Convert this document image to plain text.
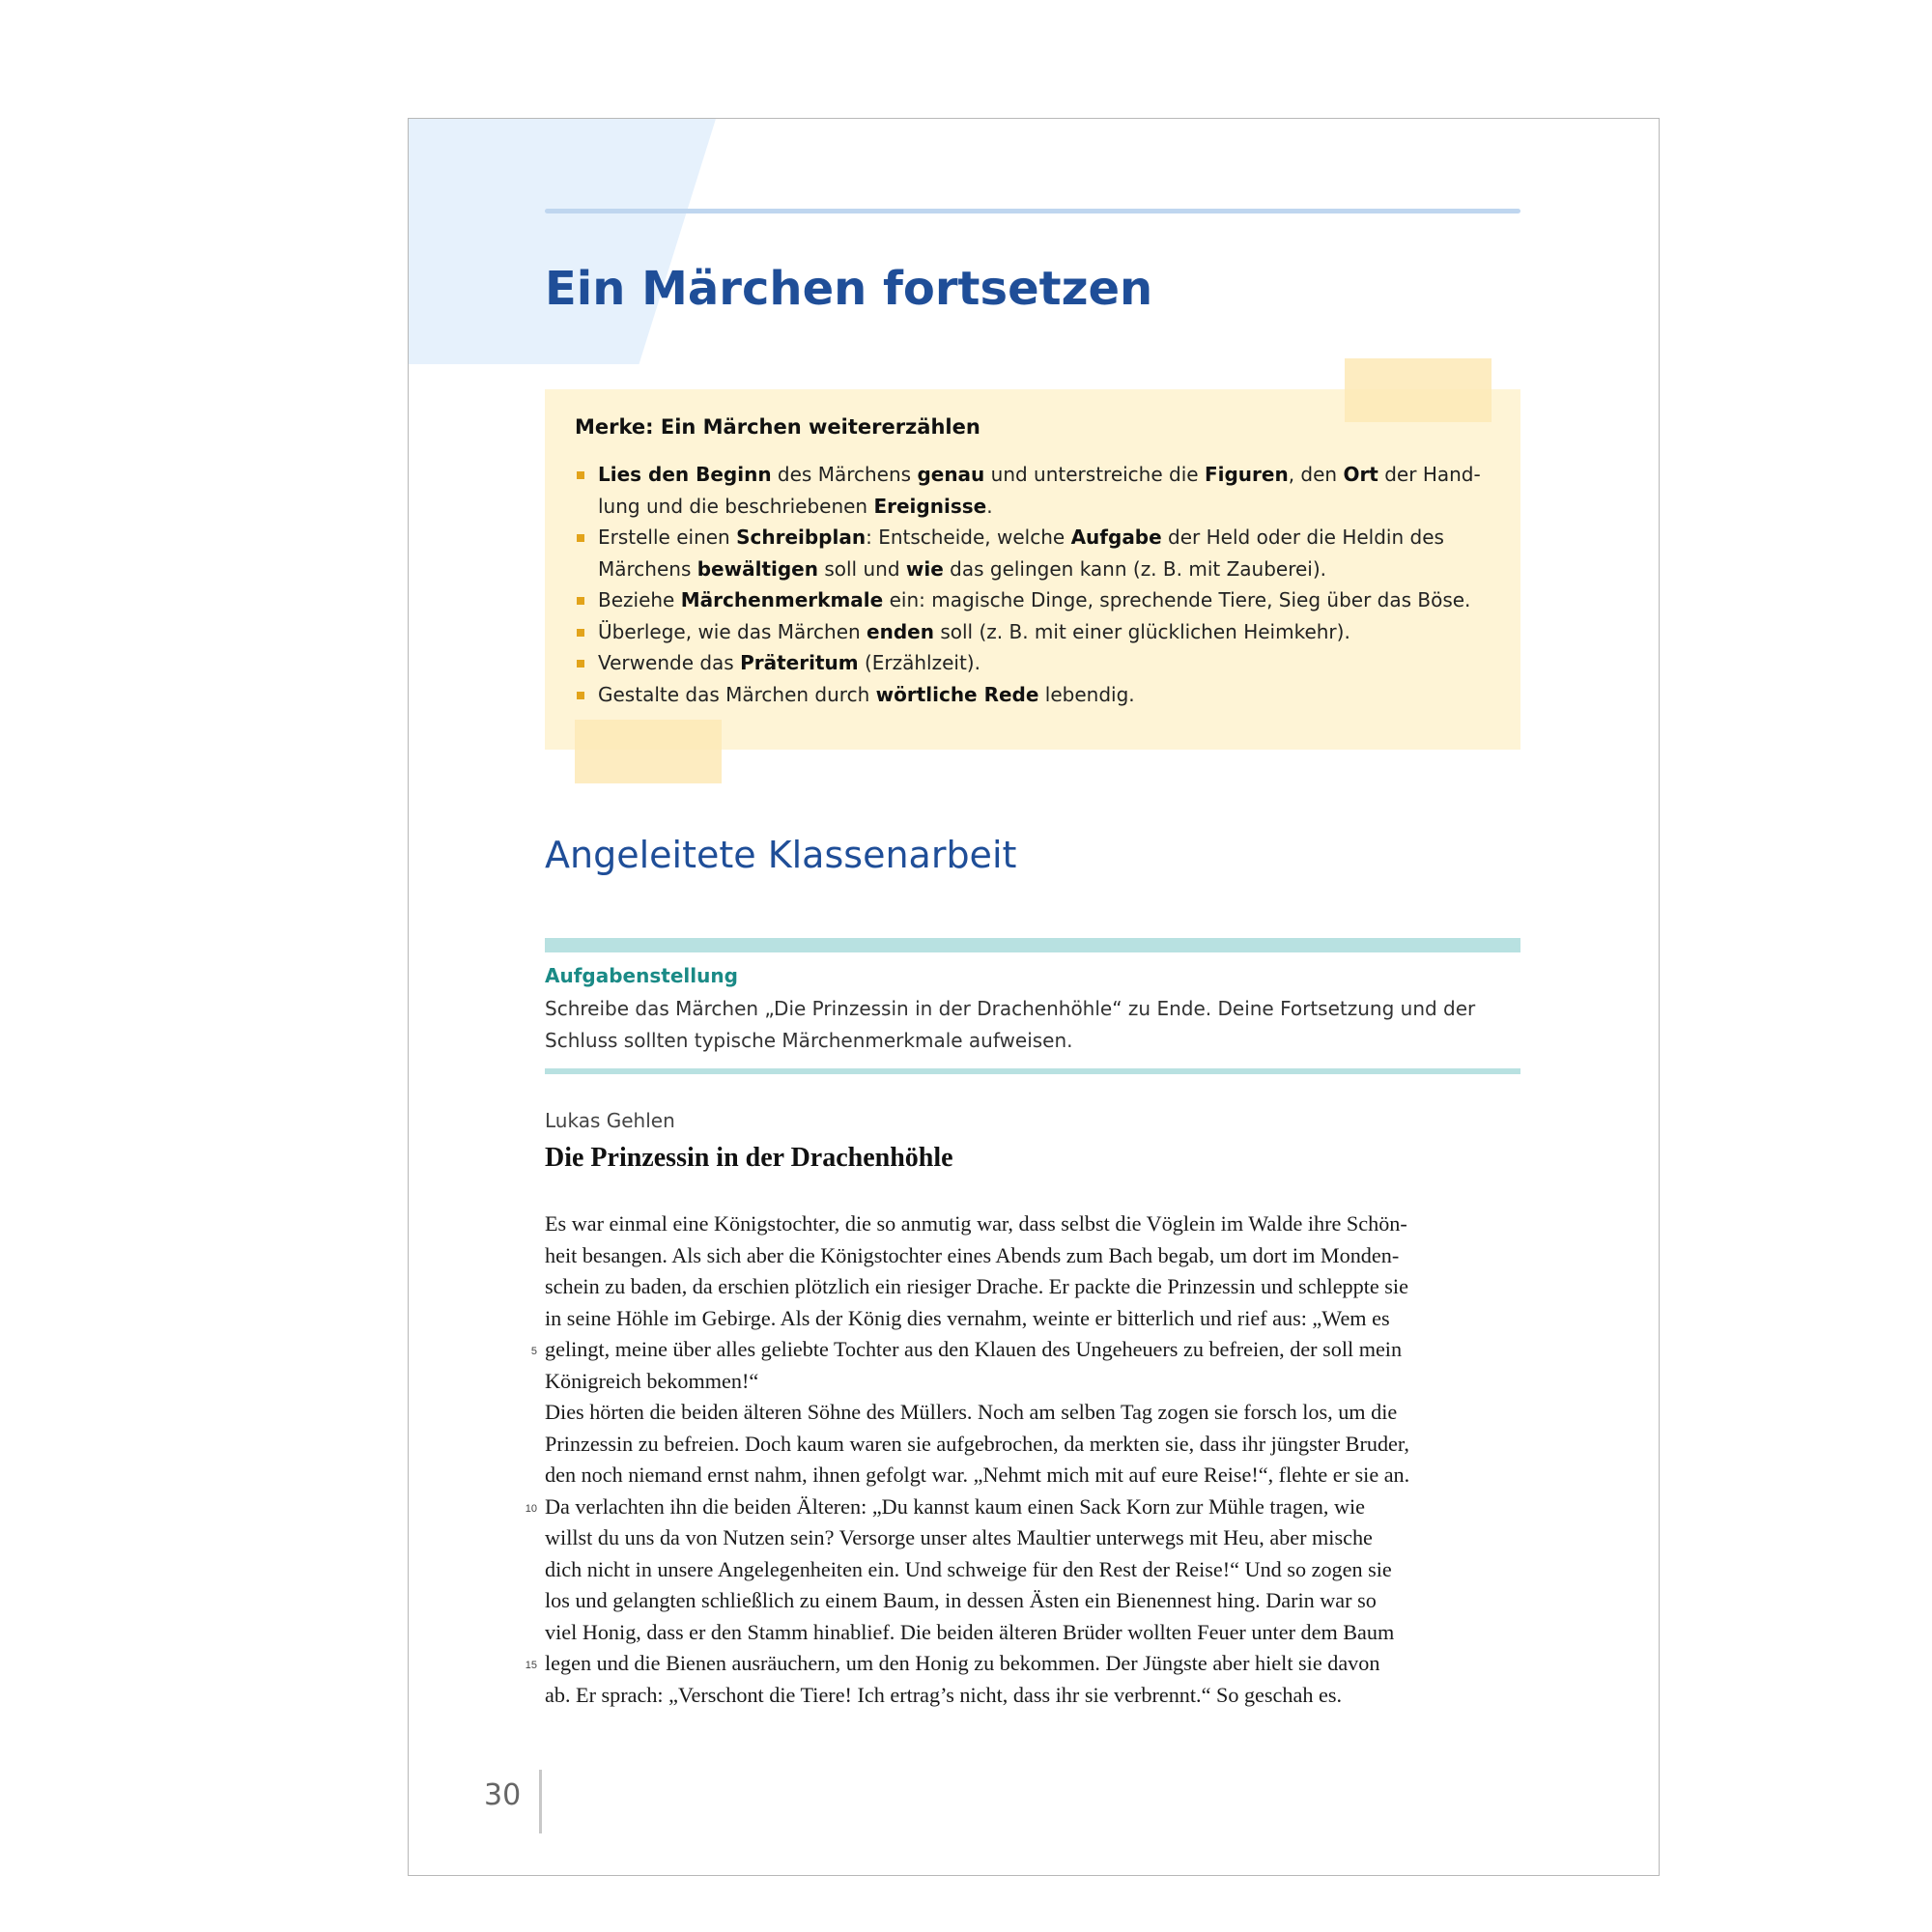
Ein Märchen fortsetzen
Merke: Ein Märchen weitererzählen
Lies den Beginn des Märchens genau und unterstreiche die Figuren, den Ort der Hand-
lung und die beschriebenen Ereignisse.
Erstelle einen Schreibplan: Entscheide, welche Aufgabe der Held oder die Heldin des
Märchens bewältigen soll und wie das gelingen kann (z. B. mit Zauberei).
Beziehe Märchenmerkmale ein: magische Dinge, sprechende Tiere, Sieg über das Böse.
Überlege, wie das Märchen enden soll (z. B. mit einer glücklichen Heimkehr).
Verwende das Präteritum (Erzählzeit).
Gestalte das Märchen durch wörtliche Rede lebendig.
Angeleitete Klassenarbeit
Aufgabenstellung
Schreibe das Märchen „Die Prinzessin in der Drachenhöhle“ zu Ende. Deine Fortsetzung und der Schluss sollten typische Märchenmerkmale aufweisen.
Lukas Gehlen
Die Prinzessin in der Drachenhöhle
Es war einmal eine Königstochter, die so anmutig war, dass selbst die Vöglein im Walde ihre Schön-
heit besangen. Als sich aber die Königstochter eines Abends zum Bach begab, um dort im Monden-
schein zu baden, da erschien plötzlich ein riesiger Drache. Er packte die Prinzessin und schleppte sie
in seine Höhle im Gebirge. Als der König dies vernahm, weinte er bitterlich und rief aus: „Wem es
5 gelingt, meine über alles geliebte Tochter aus den Klauen des Ungeheuers zu befreien, der soll mein
Königreich bekommen!“
Dies hörten die beiden älteren Söhne des Müllers. Noch am selben Tag zogen sie forsch los, um die
Prinzessin zu befreien. Doch kaum waren sie aufgebrochen, da merkten sie, dass ihr jüngster Bruder,
den noch niemand ernst nahm, ihnen gefolgt war. „Nehmt mich mit auf eure Reise!“, flehte er sie an.
10 Da verlachten ihn die beiden Älteren: „Du kannst kaum einen Sack Korn zur Mühle tragen, wie
willst du uns da von Nutzen sein? Versorge unser altes Maultier unterwegs mit Heu, aber mische
dich nicht in unsere Angelegenheiten ein. Und schweige für den Rest der Reise!“ Und so zogen sie
los und gelangten schließlich zu einem Baum, in dessen Ästen ein Bienennest hing. Darin war so
viel Honig, dass er den Stamm hinablief. Die beiden älteren Brüder wollten Feuer unter dem Baum
15 legen und die Bienen ausräuchern, um den Honig zu bekommen. Der Jüngste aber hielt sie davon
ab. Er sprach: „Verschont die Tiere! Ich ertrag’s nicht, dass ihr sie verbrennt.“ So geschah es.
30
